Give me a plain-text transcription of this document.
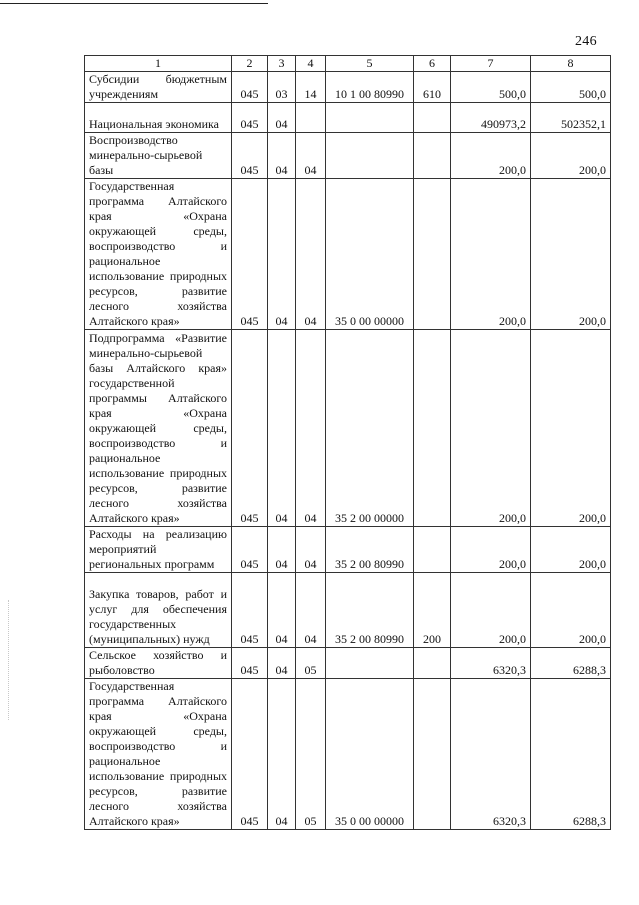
246
1	2	3	4	5	6	7	8
Субсидии бюджетным учреждениям	045	03	14	10 1 00 80990	610	500,0	500,0
Национальная экономика	045	04				490973,2	502352,1
Воспроизводство минерально-сырьевой базы	045	04	04			200,0	200,0
Государственная программа Алтайского края «Охрана окружающей среды, воспроизводство и рациональное использование природных ресурсов, развитие лесного хозяйства Алтайского края»	045	04	04	35 0 00 00000		200,0	200,0
Подпрограмма «Развитие минерально-сырьевой базы Алтайского края» государственной программы Алтайского края «Охрана окружающей среды, воспроизводство и рациональное использование природных ресурсов, развитие лесного хозяйства Алтайского края»	045	04	04	35 2 00 00000		200,0	200,0
Расходы на реализацию мероприятий региональных программ	045	04	04	35 2 00 80990		200,0	200,0
Закупка товаров, работ и услуг для обеспечения государственных (муниципальных) нужд	045	04	04	35 2 00 80990	200	200,0	200,0
Сельское хозяйство и рыболовство	045	04	05			6320,3	6288,3
Государственная программа Алтайского края «Охрана окружающей среды, воспроизводство и рациональное использование природных ресурсов, развитие лесного хозяйства Алтайского края»	045	04	05	35 0 00 00000		6320,3	6288,3
